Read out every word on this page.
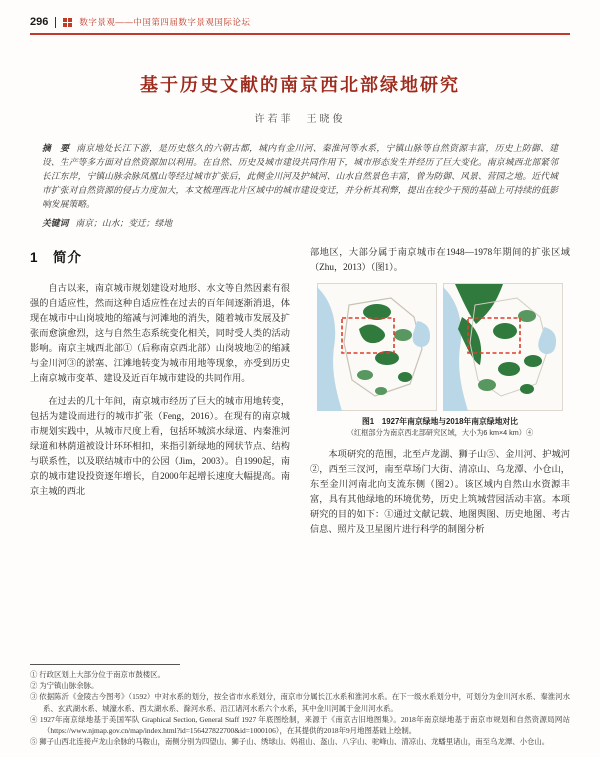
296	数字景观——中国第四届数字景观国际论坛
基于历史文献的南京西北部绿地研究
许若菲　王晓俊

摘　要 南京地处长江下游，是历史悠久的六朝古都，城内有金川河、秦淮河等水系，宁镇山脉等自然资源丰富，历史上防御、建设、生产等多方面对自然资源加以利用。在自然、历史及城市建设共同作用下，城市形态发生并经历了巨大变化。南京城西北部紧邻长江东岸，宁镇山脉余脉凤凰山等经过城市扩张后，此侧金川河及护城河、山水自然景色丰富，曾为防御、风景、营园之地。近代城市扩张对自然资源的侵占力度加大，本文梳理西北片区域中的城市建设变迁，并分析其利弊，提出在较少干预的基础上可持续的低影响发展策略。

关键词 南京；山水；变迁；绿地

1　简介

自古以来，南京城市规划建设对地形、水文等自然因素有很强的自适应性，然而这种自适应性在过去的百年间逐渐消退，体现在城市中山岗坡地的缩减与河滩地的消失，随着城市发展及扩张而愈演愈烈，这与自然生态系统变化相关，同时受人类的活动影响。南京主城西北部①（后称南京西北部）山岗坡地②的缩减与金川河③的淤塞、江滩地转变为城市用地等现象，亦受到历史上南京城市变革、建设及近百年城市建设的共同作用。

在过去的几十年间，南京城市经历了巨大的城市用地转变，包括为建设而进行的城市扩张（Feng，2016）。在现有的南京城市规划实践中，从城市尺度上看，包括环城滨水绿道、内秦淮河绿道和林荫道被设计环环相扣，来指引新绿地的网状节点、结构与联系性，以及联结城市中的公园（Jim，2003）。自1990起，南京的城市建设投资逐年增长，自2000年起增长速度大幅提高。南京主城的西北

部地区，大部分属于南京城市在1948—1978年期间的扩张区域（Zhu，2013）（图1）。

图1　1927年南京绿地与2018年南京绿地对比
（红框部分为南京西北部研究区域，大小为6 km×4 km）④

本项研究的范围，北至卢龙湖、狮子山⑤、金川河、护城河②，西至三汊河，南至草场门大街、清凉山、乌龙潭、小仓山，东至金川河南北向支流东侧（图2）。该区域内自然山水资源丰富，具有其他绿地的环境优势，历史上筑城营园活动丰富。本项研究的目的如下：①通过文献记载、地图舆图、历史地图、考古信息、照片及卫星图片进行科学的制图分析

① 行政区划上大部分位于南京市鼓楼区。

② 为宁镇山脉余脉。

③ 依据陈沂《金陵古今图考》（1592）中对水系的划分，按全省市水系划分，南京市分属长江水系和淮河水系。在下一级水系划分中，可划分为金川河水系、秦淮河水系、玄武湖水系、城濠水系、西太湖水系、滁河水系、沿江诸河水系六个水系，其中金川河属于金川河水系。

④ 1927年南京绿地基于美国军队 Graphical Section, General Staff 1927 年底图绘制，来源于《南京古旧地图集》。2018年南京绿地基于南京市规划和自然资源局网站（https://www.njmap.gov.cn/map/index.html?id=156427822700&id=1000106），在其提供的2018年9月地图基础上绘制。

⑤ 狮子山西北连接卢龙山余脉的马鞍山，南侧分别为四望山、狮子山、绣球山、妈祖山、盔山、八字山、驼峰山、清凉山、龙蟠里诸山，南至乌龙潭、小仓山。
